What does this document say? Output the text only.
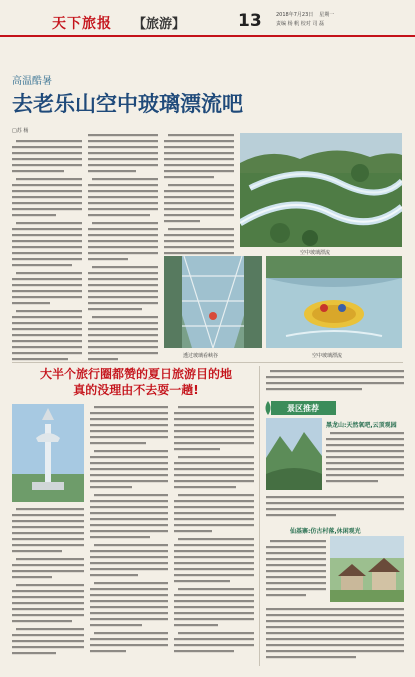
天下旅报 【旅游】	13	2018年7月23日 星期一
责编 杨 帆 校对 司 磊
高温酷暑
去老乐山空中玻璃漂流吧
□苏 杨
空中玻璃漂流
透过玻璃看峡谷	空中玻璃漂流
大半个旅行圈都赞的夏日旅游目的地
真的没理由不去耍一趟!
景区推荐
黑龙山:天然氧吧,云顶观园
仙基寨:仿古村落,休闲观光
